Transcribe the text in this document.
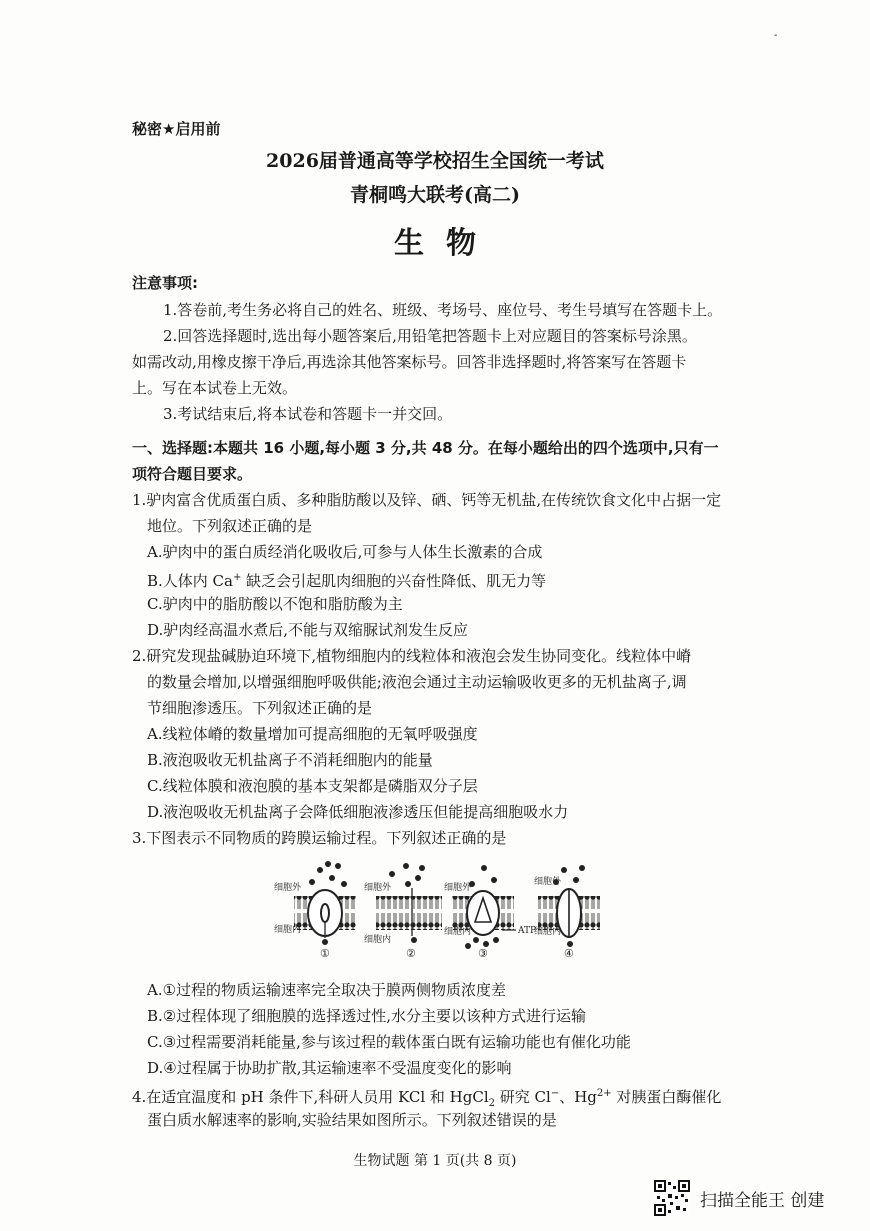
-
秘密★启用前
2026届普通高等学校招生全国统一考试
青桐鸣大联考(高二)
生物
注意事项:
1.答卷前,考生务必将自己的姓名、班级、考场号、座位号、考生号填写在答题卡上。
2.回答选择题时,选出每小题答案后,用铅笔把答题卡上对应题目的答案标号涂黑。
如需改动,用橡皮擦干净后,再选涂其他答案标号。回答非选择题时,将答案写在答题卡
上。写在本试卷上无效。
3.考试结束后,将本试卷和答题卡一并交回。
一、选择题:本题共 16 小题,每小题 3 分,共 48 分。在每小题给出的四个选项中,只有一
项符合题目要求。
1.驴肉富含优质蛋白质、多种脂肪酸以及锌、硒、钙等无机盐,在传统饮食文化中占据一定
地位。下列叙述正确的是
A.驴肉中的蛋白质经消化吸收后,可参与人体生长激素的合成
B.人体内 Ca+ 缺乏会引起肌肉细胞的兴奋性降低、肌无力等
C.驴肉中的脂肪酸以不饱和脂肪酸为主
D.驴肉经高温水煮后,不能与双缩脲试剂发生反应
2.研究发现盐碱胁迫环境下,植物细胞内的线粒体和液泡会发生协同变化。线粒体中嵴
的数量会增加,以增强细胞呼吸供能;液泡会通过主动运输吸收更多的无机盐离子,调
节细胞渗透压。下列叙述正确的是
A.线粒体嵴的数量增加可提高细胞的无氧呼吸强度
B.液泡吸收无机盐离子不消耗细胞内的能量
C.线粒体膜和液泡膜的基本支架都是磷脂双分子层
D.液泡吸收无机盐离子会降低细胞液渗透压但能提高细胞吸水力
3.下图表示不同物质的跨膜运输过程。下列叙述正确的是
细胞外
细胞内
①
细胞外
细胞内
②
细胞外
细胞内	ATP
③
细胞外
细胞内
④
A.①过程的物质运输速率完全取决于膜两侧物质浓度差
B.②过程体现了细胞膜的选择透过性,水分主要以该种方式进行运输
C.③过程需要消耗能量,参与该过程的载体蛋白既有运输功能也有催化功能
D.④过程属于协助扩散,其运输速率不受温度变化的影响
4.在适宜温度和 pH 条件下,科研人员用 KCl 和 HgCl$_2$ 研究 Cl−、$Hg^{2+}$ 对胰蛋白酶催化
蛋白质水解速率的影响,实验结果如图所示。下列叙述错误的是
生物试题 第 1 页(共 8 页)
扫描全能王 创建
